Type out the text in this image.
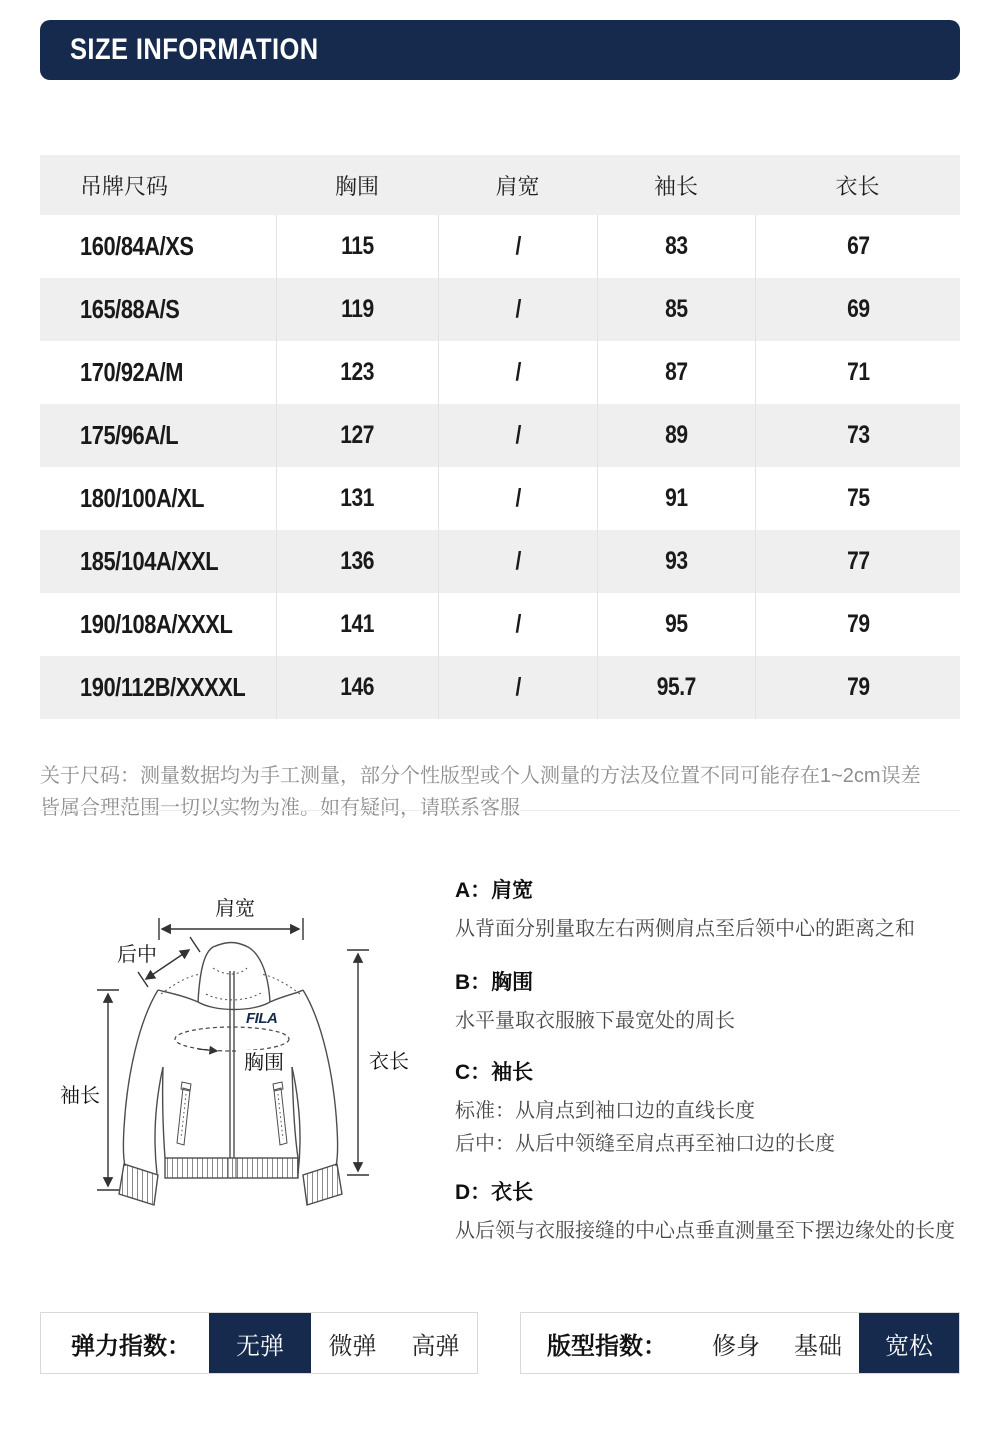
SIZE INFORMATION
吊牌尺码	胸围	肩宽	袖长	衣长
160/84A/XS	115	/	83	67
165/88A/S	119	/	85	69
170/92A/M	123	/	87	71
175/96A/L	127	/	89	73
180/100A/XL	131	/	91	75
185/104A/XXL	136	/	93	77
190/108A/XXXL	141	/	95	79
190/112B/XXXXL	146	/	95.7	79

关于尺码：测量数据均为手工测量，部分个性版型或个人测量的方法及位置不同可能存在1~2cm误差
皆属合理范围一切以实物为准。如有疑问，请联系客服

肩宽
后中
袖长
衣长
FILA
胸围

A：肩宽

从背面分别量取左右两侧肩点至后领中心的距离之和

B：胸围

水平量取衣服腋下最宽处的周长

C：袖长

标准：从肩点到袖口边的直线长度

后中：从后中领缝至肩点再至袖口边的长度

D：衣长

从后领与衣服接缝的中心点垂直测量至下摆边缘处的长度

弹力指数：	无弹	微弹 高弹	版型指数：	修身 基础	宽松
